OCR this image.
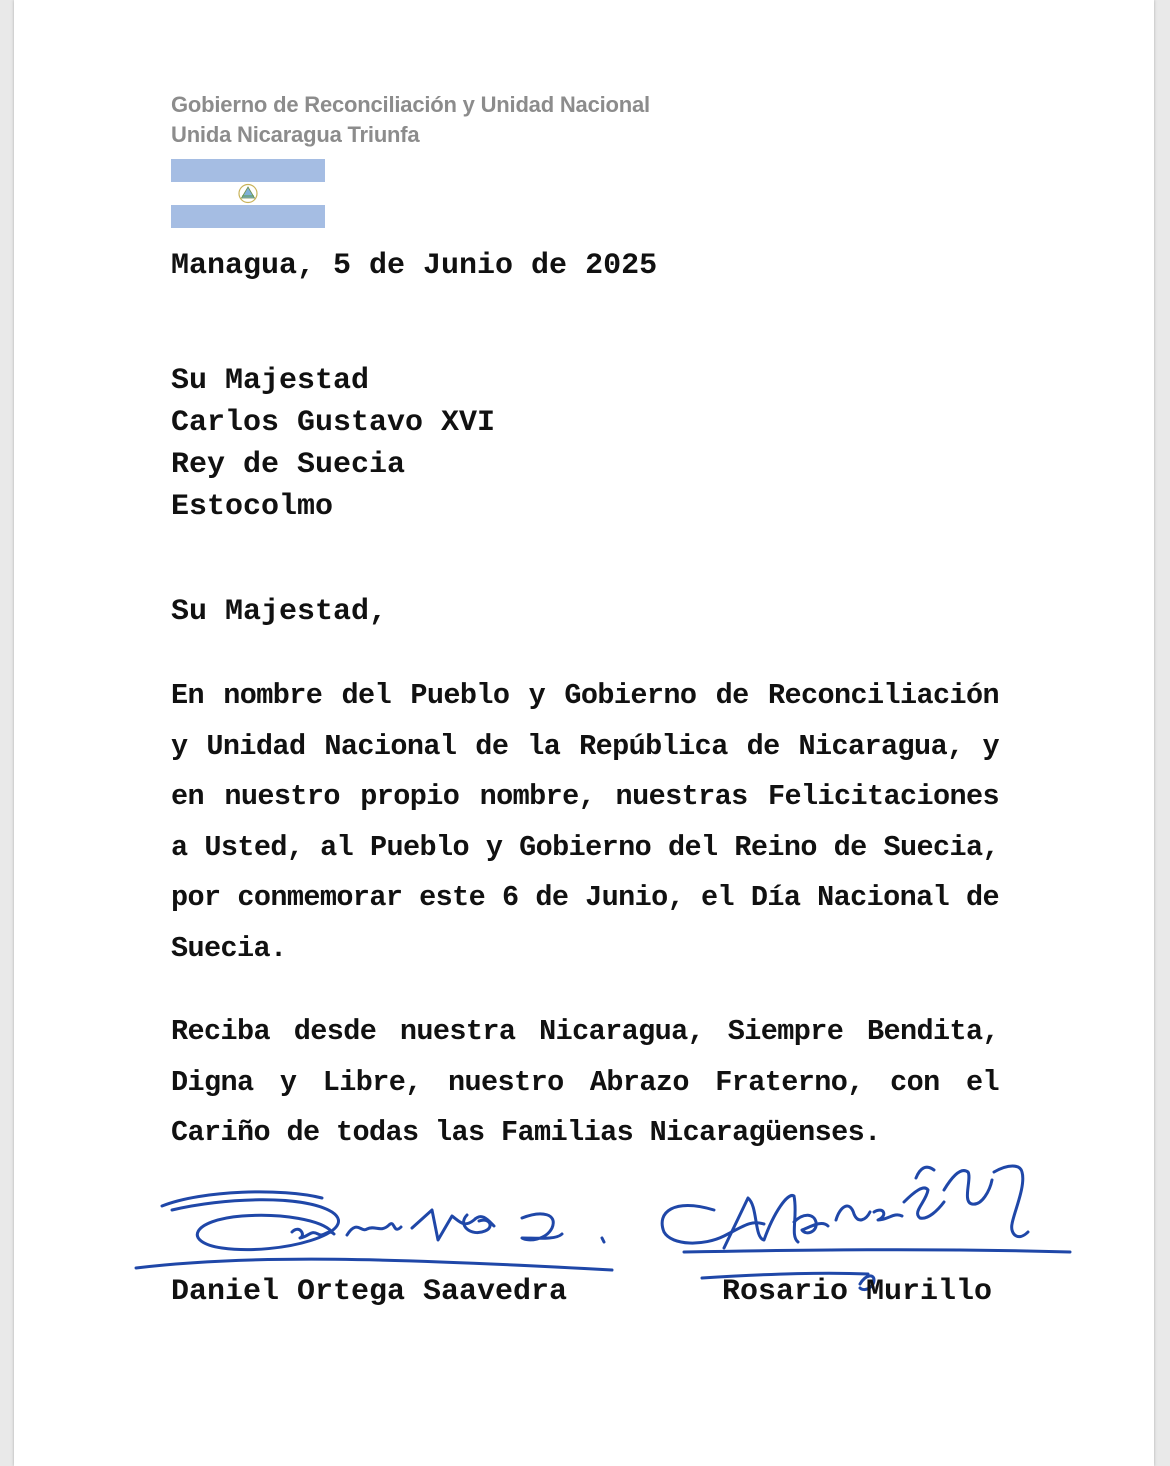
Gobierno de Reconciliación y Unidad Nacional
Unida Nicaragua Triunfa
Managua, 5 de Junio de 2025
Su Majestad
Carlos Gustavo XVI
Rey de Suecia
Estocolmo
Su Majestad,
En nombre del Pueblo y Gobierno de Reconciliación y Unidad Nacional de la República de Nicaragua, y en nuestro propio nombre, nuestras Felicitaciones a Usted, al Pueblo y Gobierno del Reino de Suecia, por conmemorar este 6 de Junio, el Día Nacional de Suecia.
Reciba desde nuestra Nicaragua, Siempre Bendita, Digna y Libre, nuestro Abrazo Fraterno, con el Cariño de todas las Familias Nicaragüenses.
Daniel Ortega Saavedra	Rosario Murillo
